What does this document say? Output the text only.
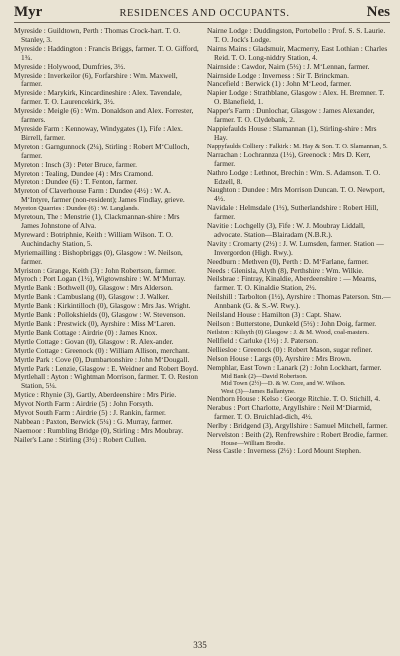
Myr	RESIDENCES AND OCCUPANTS.	Nes

Myreside : Guildtown, Perth : Thomas Crock-hart. T. O. Stanley, 3.

Myreside : Haddington : Francis Briggs, farmer. T. O. Gifford, 1¾.

Myreside : Holywood, Dumfries, 3½.

Myreside : Inverkeilor (6), Forfarshire : Wm. Maxwell, farmer.

Myreside : Marykirk, Kincardineshire : Alex. Tavendale, farmer. T. O. Laurencekirk, 3½.

Myreside : Meigle (6) : Wm. Donaldson and Alex. Forrester, farmers.

Myreside Farm : Kennoway, Windygates (1), Fife : Alex. Birrell, farmer.

Myreton : Garngunnock (2¼), Stirling : Robert M‘Culloch, farmer.

Myreton : Insch (3) : Peter Bruce, farmer.

Myreton : Tealing, Dundee (4) : Mrs Cramond.

Myreton : Dundee (6) : T. Fenton, farmer.

Myreton of Claverhouse Farm : Dundee (4½) : W. A. M‘Intyre, farmer (non-resident); James Findlay, grieve.

Myreton Quarries : Dundee (6) : W. Langlands.

Myretoun, The : Menstrie (1), Clackmannan-shire : Mrs James Johnstone of Alva.

Myreward : Botriphnie, Keith : William Wilson. T. O. Auchindachy Station, 5.

Myriemailling : Bishopbriggs (0), Glasgow : W. Neilson, farmer.

Myriston : Grange, Keith (3) : John Robertson, farmer.

Myroch : Port Logan (1½), Wigtownshire : W. M‘Murray.

Myrtle Bank : Bothwell (0), Glasgow : Mrs Alderson.

Myrtle Bank : Cambuslang (0), Glasgow : J. Walker.

Myrtle Bank : Kirkintilloch (0), Glasgow : Mrs Jas. Wright.

Myrtle Bank : Pollokshields (0), Glasgow : W. Stevenson.

Myrtle Bank : Prestwick (0), Ayrshire : Miss M‘Laren.

Myrtle Bank Cottage : Airdrie (0) : James Knox.

Myrtle Cottage : Govan (0), Glasgow : R. Alex-ander.

Myrtle Cottage : Greenock (0) : William Allison, merchant.

Myrtle Park : Cove (0), Dumbartonshire : John M‘Dougall.

Myrtle Park : Lenzie, Glasgow : E. Weidner and Robert Boyd.

Myrtlehall : Ayton : Wightman Morrison, farmer. T. O. Reston Station, 5¼.

Mytice : Rhynie (3), Gartly, Aberdeenshire : Mrs Pirie.

Myvot North Farm : Airdrie (5) : John Forsyth.

Myvot South Farm : Airdrie (5) : J. Rankin, farmer.

Nabbean : Paxton, Berwick (5¼) : G. Murray, farmer.

Naemoor : Rumbling Bridge (0), Stirling : Mrs Moubray.

Nailer's Lane : Stirling (3½) : Robert Cullen.

Nairne Lodge : Duddingston, Portobello : Prof. S. S. Laurie. T. O. Jock's Lodge.

Nairns Mains : Gladsmuir, Macmerry, East Lothian : Charles Reid. T. O. Long-niddry Station, 4.

Nairnside : Cawdor, Nairn (5½) : J. M‘Lennan, farmer.

Nairnside Lodge : Inverness : Sir T. Brinckman.

Nancefield : Berwick (1) : John M‘Leod, farmer.

Napier Lodge : Strathblane, Glasgow : Alex. H. Bremner. T. O. Blanefield, 1.

Napper's Farm : Dunlochar, Glasgow : James Alexander, farmer. T. O. Clydebank, 2.

Nappiefaulds House : Slamannan (1), Stirling-shire : Mrs Hay.

Nappyfaulds Colliery : Falkirk : M. Hay & Son. T. O. Slamannan, 5.

Narrachan : Lochrannza (1½), Greenock : Mrs D. Kerr, farmer.

Nathro Lodge : Lethnot, Brechin : Wm. S. Adamson. T. O. Edzell, 8.

Naughton : Dundee : Mrs Morrison Duncan. T. O. Newport, 4½.

Navidale : Helmsdale (1½), Sutherlandshire : Robert Hill, farmer.

Navitie : Lochgelly (3), Fife : W. J. Moubray Liddall, advocate. Station—Blairadam (N.B.R.).

Navity : Cromarty (2½) : J. W. Lumsden, farmer. Station — Invergordon (High. Rwy.).

Needburn : Methven (0), Perth : D. M‘Farlane, farmer.

Needs : Glenisla, Alyth (8), Perthshire : Wm. Wilkie.

Neilsbrae : Fintray, Kinaldie, Aberdeenshire : — Mearns, farmer. T. O. Kinaldie Station, 2½.

Neilshill : Tarbolton (1½), Ayrshire : Thomas Paterson. Stn.—Annbank (G. & S.-W. Rwy.).

Neilsland House : Hamilton (3) : Capt. Shaw.

Neilson : Butterstone, Dunkeld (5½) : John Doig, farmer.

Neilston : Kilsyth (0) Glasgow : J. & M. Wood, coal-masters.

Nellfield : Carluke (1½) : J. Paterson.

Nelliesloe : Greenock (0) : Robert Mason, sugar refiner.

Nelson House : Largs (0), Ayrshire : Mrs Brown.

Nemphlar, East Town : Lanark (2) : John Lockhart, farmer.

Mid Bank (2)—David Robertson.

Mid Town (2½)—D. & W. Core, and W. Wilson.

West (3)—James Ballantyne.

Nenthorn House : Kelso : George Ritchie. T. O. Stichill, 4.

Nerabus : Port Charlotte, Argyllshire : Neil M‘Diarmid, farmer. T. O. Bruichlad-dich, 4½.

Nerlby : Bridgend (3), Argyllshire : Samuel Mitchell, farmer.

Nervelston : Beith (2), Renfrewshire : Robert Brodie, farmer.

House—William Brodie.

Ness Castle : Inverness (2½) : Lord Mount Stephen.

335
